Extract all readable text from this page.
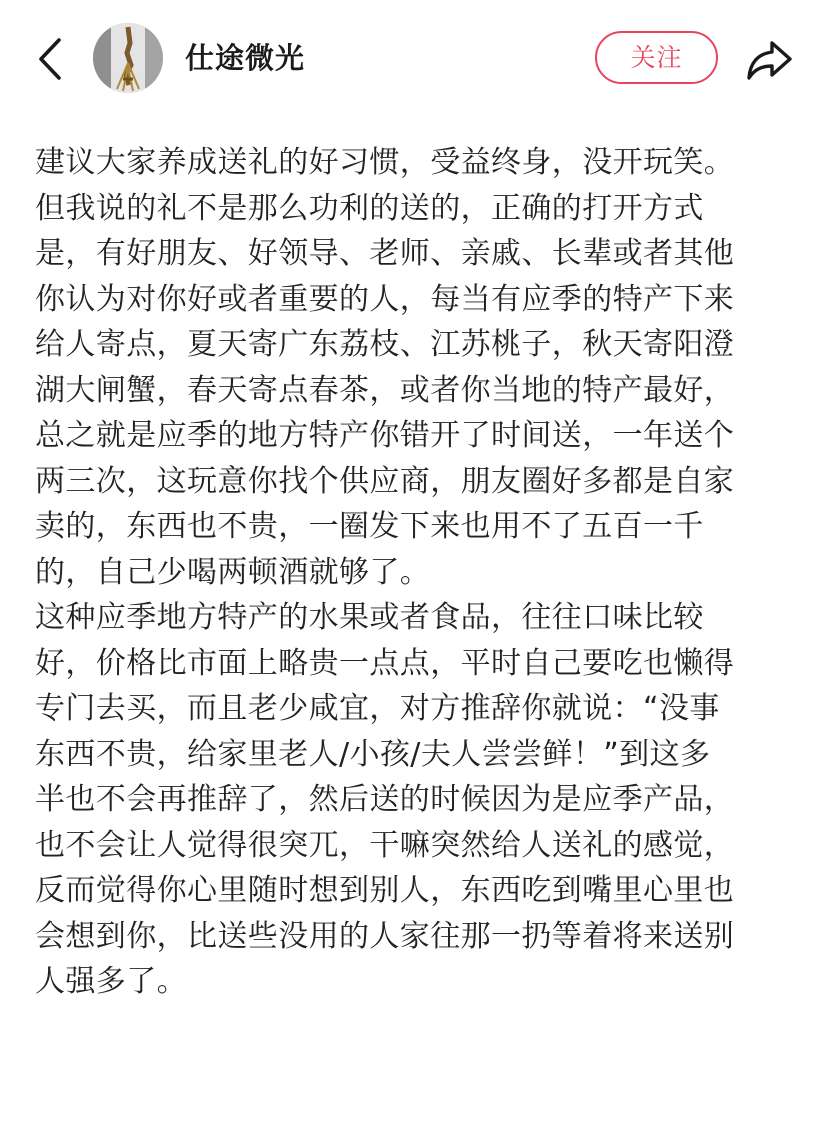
仕途微光	关注

建议大家养成送礼的好习惯，受益终身，没开玩笑。
但我说的礼不是那么功利的送的，正确的打开方式
是，有好朋友、好领导、老师、亲戚、长辈或者其他
你认为对你好或者重要的人，每当有应季的特产下来
给人寄点，夏天寄广东荔枝、江苏桃子，秋天寄阳澄
湖大闸蟹，春天寄点春茶，或者你当地的特产最好，
总之就是应季的地方特产你错开了时间送，一年送个
两三次，这玩意你找个供应商，朋友圈好多都是自家
卖的，东西也不贵，一圈发下来也用不了五百一千
的，自己少喝两顿酒就够了。

这种应季地方特产的水果或者食品，往往口味比较
好，价格比市面上略贵一点点，平时自己要吃也懒得
专门去买，而且老少咸宜，对方推辞你就说：“没事
东西不贵，给家里老人/小孩/夫人尝尝鲜！”到这多
半也不会再推辞了，然后送的时候因为是应季产品，
也不会让人觉得很突兀，干嘛突然给人送礼的感觉，
反而觉得你心里随时想到别人，东西吃到嘴里心里也
会想到你，比送些没用的人家往那一扔等着将来送别
人强多了。
